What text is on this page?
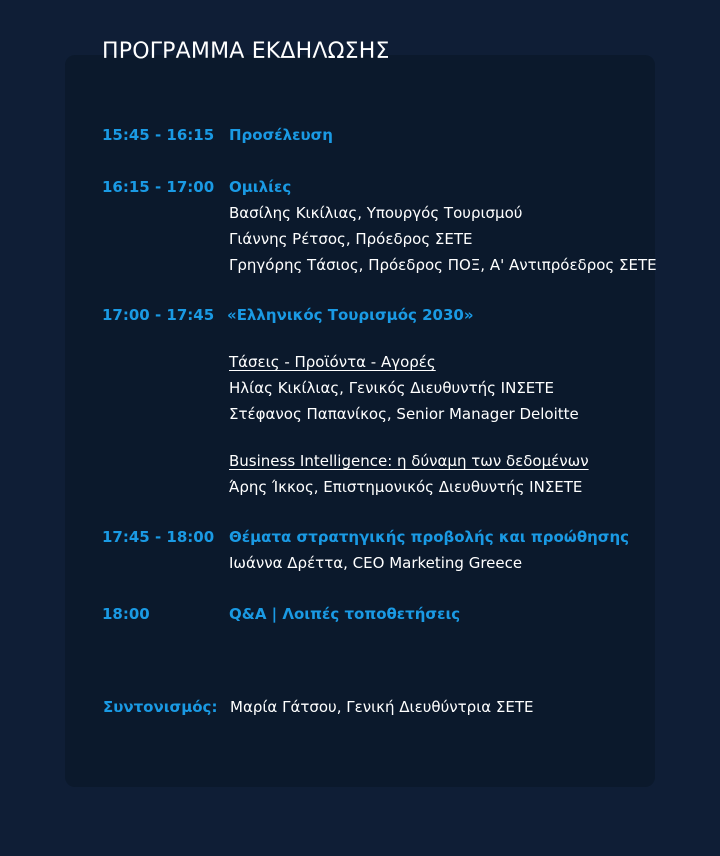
ΠΡΟΓΡΑΜΜΑ ΕΚΔΗΛΩΣΗΣ
15:45 - 16:15 Προσέλευση
16:15 - 17:00 Ομιλίες
Βασίλης Κικίλιας, Υπουργός Τουρισμού
Γιάννης Ρέτσος, Πρόεδρος ΣΕΤΕ
Γρηγόρης Τάσιος, Πρόεδρος ΠΟΞ, Α' Αντιπρόεδρος ΣΕΤΕ
17:00 - 17:45 «Ελληνικός Τουρισμός 2030»
Τάσεις - Προϊόντα - Αγορές
Ηλίας Κικίλιας, Γενικός Διευθυντής ΙΝΣΕΤΕ
Στέφανος Παπανίκος, Senior Manager Deloitte
Business Intelligence: η δύναμη των δεδομένων
Άρης Ίκκος, Επιστημονικός Διευθυντής ΙΝΣΕΤΕ
17:45 - 18:00 Θέματα στρατηγικής προβολής και προώθησης
Ιωάννα Δρέττα, CEO Marketing Greece
18:00	Q&A | Λοιπές τοποθετήσεις
Συντονισμός: Μαρία Γάτσου, Γενική Διευθύντρια ΣΕΤΕ
